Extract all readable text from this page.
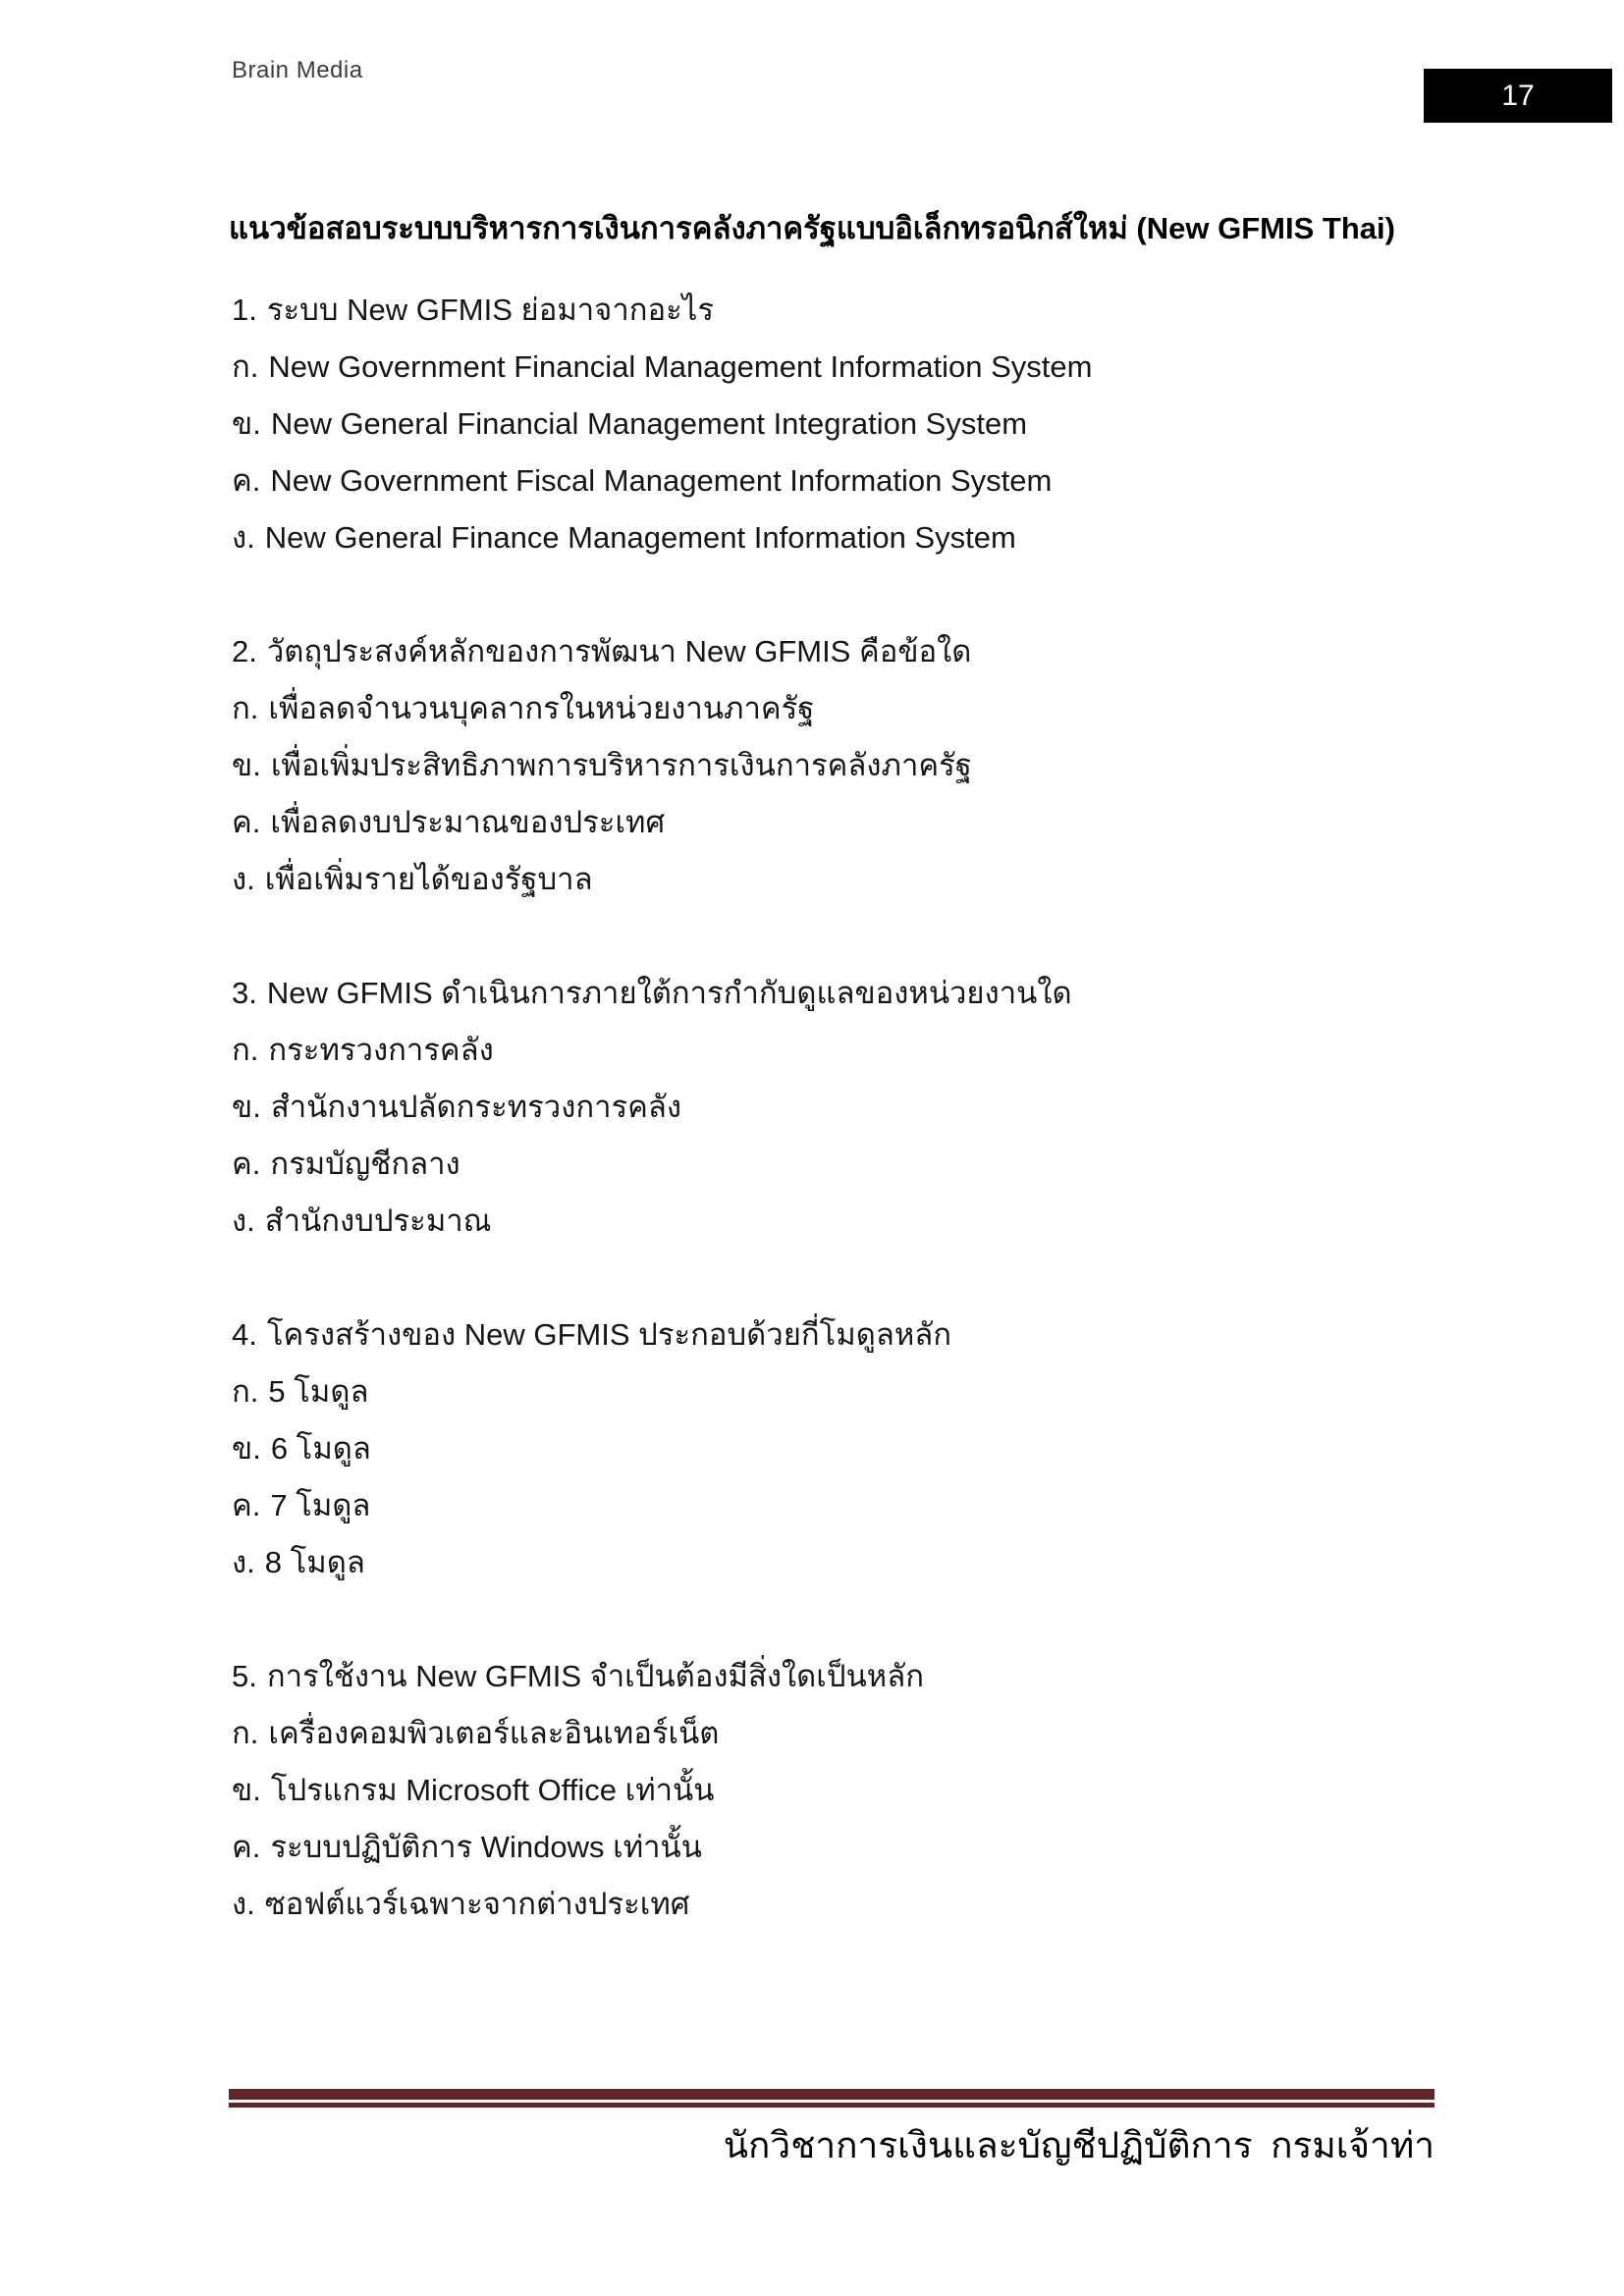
Brain Media
17
แนวข้อสอบระบบบริหารการเงินการคลังภาครัฐแบบอิเล็กทรอนิกส์ใหม่ (New GFMIS Thai)

1. ระบบ New GFMIS ย่อมาจากอะไร

ก. New Government Financial Management Information System

ข. New General Financial Management Integration System

ค. New Government Fiscal Management Information System

ง. New General Finance Management Information System

2. วัตถุประสงค์หลักของการพัฒนา New GFMIS คือข้อใด

ก. เพื่อลดจำนวนบุคลากรในหน่วยงานภาครัฐ

ข. เพื่อเพิ่มประสิทธิภาพการบริหารการเงินการคลังภาครัฐ

ค. เพื่อลดงบประมาณของประเทศ

ง. เพื่อเพิ่มรายได้ของรัฐบาล

3. New GFMIS ดำเนินการภายใต้การกำกับดูแลของหน่วยงานใด

ก. กระทรวงการคลัง

ข. สำนักงานปลัดกระทรวงการคลัง

ค. กรมบัญชีกลาง

ง. สำนักงบประมาณ

4. โครงสร้างของ New GFMIS ประกอบด้วยกี่โมดูลหลัก

ก. 5 โมดูล

ข. 6 โมดูล

ค. 7 โมดูล

ง. 8 โมดูล

5. การใช้งาน New GFMIS จำเป็นต้องมีสิ่งใดเป็นหลัก

ก. เครื่องคอมพิวเตอร์และอินเทอร์เน็ต

ข. โปรแกรม Microsoft Office เท่านั้น

ค. ระบบปฏิบัติการ Windows เท่านั้น

ง. ซอฟต์แวร์เฉพาะจากต่างประเทศ

นักวิชาการเงินและบัญชีปฏิบัติการ  กรมเจ้าท่า
